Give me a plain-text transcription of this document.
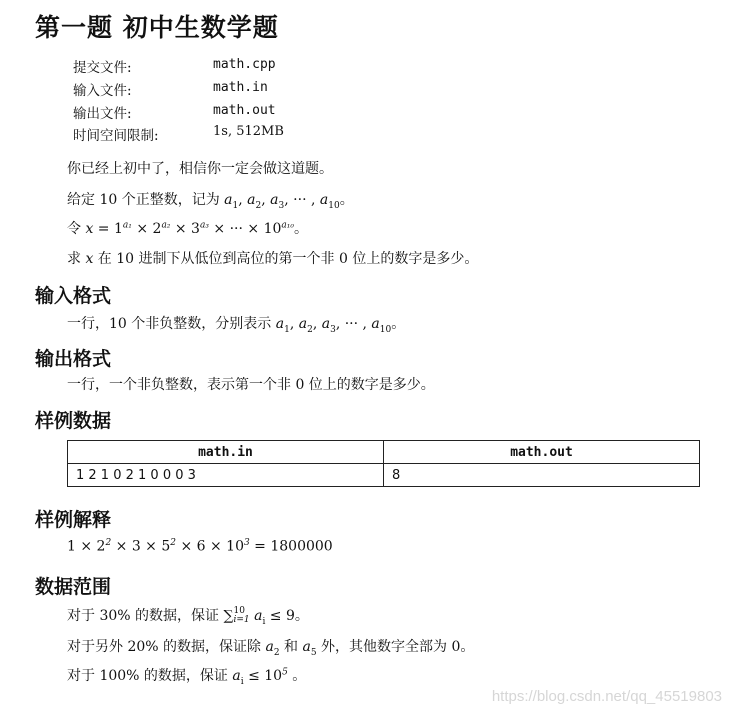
第一题 初中生数学题
提交文件:	math.cpp
输入文件:	math.in
输出文件:	math.out
时间空间限制:	1s, 512MB
你已经上初中了，相信你一定会做这道题。
给定 10 个正整数，记为 $a_1$, $a_2$, $a_3$, ··· , $a_{10}$。
令 $x = 1^{a_1} \times 2^{a_2} \times 3^{a_3}$ × ··· × $10^{a_{10}}$。
求 x 在 10 进制下从低位到高位的第一个非 0 位上的数字是多少。
输入格式
一行，10 个非负整数，分别表示 $a_1$, $a_2$, $a_3$, ··· , $a_{10}$。
输出格式
一行，一个非负整数，表示第一个非 0 位上的数字是多少。
样例数据
math.in	math.out
1 2 1 0 2 1 0 0 0 3	8
样例解释
$1 \times 2^2 \times 3 \times 5^2 \times 6 \times 10^3 = 1800000$
数据范围
对于 30% 的数据，保证 ∑ 10
i=1 $a_i \le 9$。
对于另外 20% 的数据，保证除 $a_2$ 和 $a_5$ 外，其他数字全部为 0。
对于 100% 的数据，保证 $a_i \le 10^5$ 。
https://blog.csdn.net/qq_45519803
